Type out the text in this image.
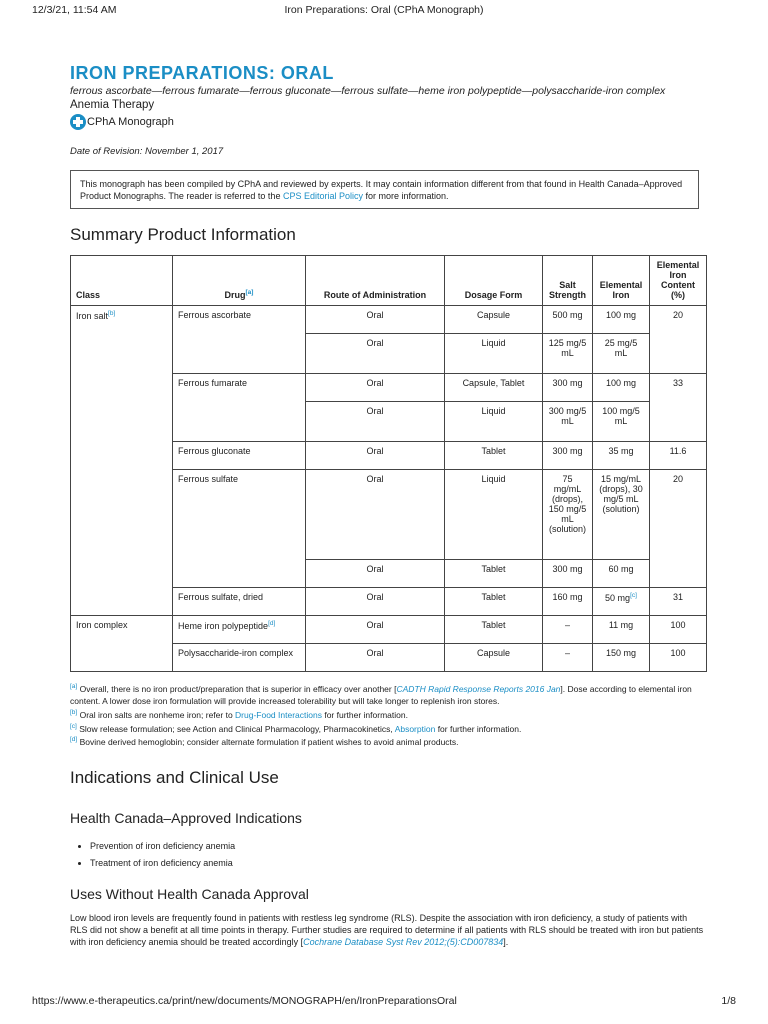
12/3/21, 11:54 AM	Iron Preparations: Oral (CPhA Monograph)
IRON PREPARATIONS: ORAL

ferrous ascorbate—ferrous fumarate—ferrous gluconate—ferrous sulfate—heme iron polypeptide—polysaccharide-iron complex

Anemia Therapy

CPhA Monograph
Date of Revision: November 1, 2017
This monograph has been compiled by CPhA and reviewed by experts. It may contain information different from that found in Health Canada–Approved Product Monographs. The reader is referred to the CPS Editorial Policy for more information.
Summary Product Information
Class	Drug[a]	Route of Administration	Dosage Form	Salt Strength	Elemental Iron	Elemental Iron Content (%)
Iron salt[b]	Ferrous ascorbate	Oral	Capsule	500 mg	100 mg	20
		Oral	Liquid	125 mg/5 mL	25 mg/5 mL	
	Ferrous fumarate	Oral	Capsule, Tablet	300 mg	100 mg	33
		Oral	Liquid	300 mg/5 mL	100 mg/5 mL	
	Ferrous gluconate	Oral	Tablet	300 mg	35 mg	11.6
	Ferrous sulfate	Oral	Liquid	75 mg/mL (drops), 150 mg/5 mL (solution)	15 mg/mL (drops), 30 mg/5 mL (solution)	20
		Oral	Tablet	300 mg	60 mg	
	Ferrous sulfate, dried	Oral	Tablet	160 mg	50 mg[c]	31
Iron complex	Heme iron polypeptide[d]	Oral	Tablet	–	11 mg	100
	Polysaccharide-iron complex	Oral	Capsule	–	150 mg	100
[a] Overall, there is no iron product/preparation that is superior in efficacy over another [CADTH Rapid Response Reports 2016 Jan]. Dose according to elemental iron content. A lower dose iron formulation will provide increased tolerability but will take longer to replenish iron stores.
[b] Oral iron salts are nonheme iron; refer to Drug-Food Interactions for further information.
[c] Slow release formulation; see Action and Clinical Pharmacology, Pharmacokinetics, Absorption for further information.
[d] Bovine derived hemoglobin; consider alternate formulation if patient wishes to avoid animal products.
Indications and Clinical Use
Health Canada–Approved Indications
• Prevention of iron deficiency anemia
• Treatment of iron deficiency anemia
Uses Without Health Canada Approval

Low blood iron levels are frequently found in patients with restless leg syndrome (RLS). Despite the association with iron deficiency, a study of patients with RLS did not show a benefit at all time points in therapy. Further studies are required to determine if all patients with RLS should be treated with iron but patients with iron deficiency anemia should be treated accordingly [Cochrane Database Syst Rev 2012;(5):CD007834].

https://www.e-therapeutics.ca/print/new/documents/MONOGRAPH/en/IronPreparationsOral	1/8
